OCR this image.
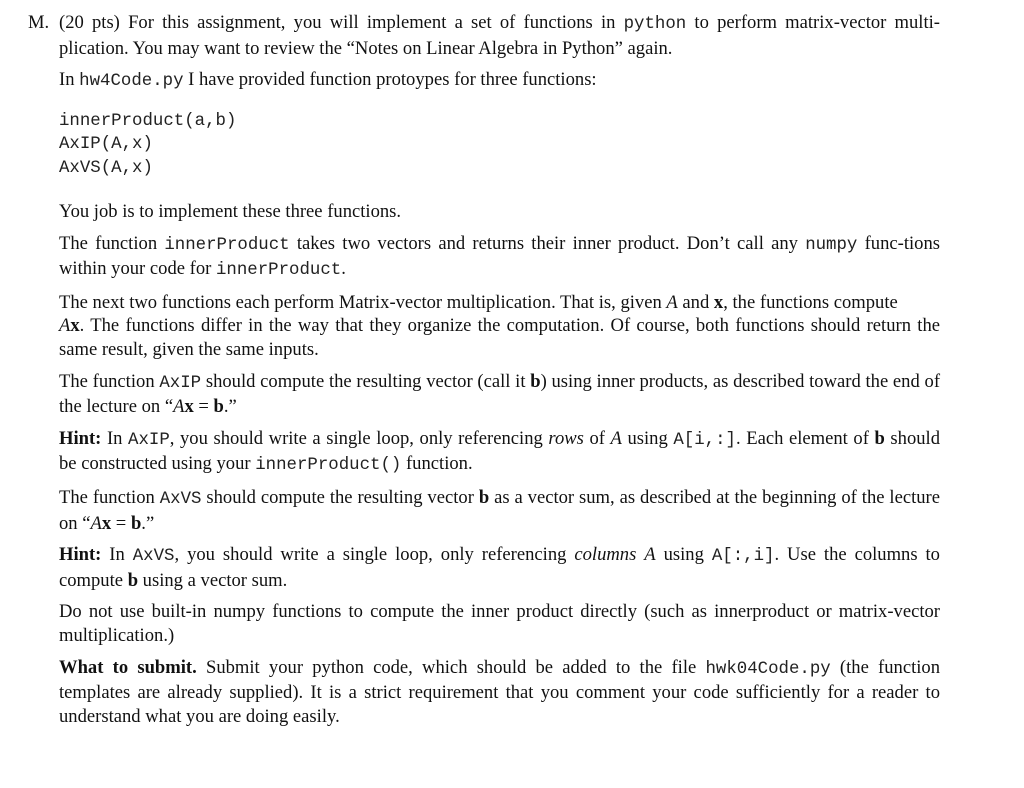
M. (20 pts) For this assignment, you will implement a set of functions in python to perform matrix-vector multi-plication. You may want to review the “Notes on Linear Algebra in Python” again.

In hw4Code.py I have provided function protoypes for three functions:

innerProduct(a,b)
AxIP(A,x)
AxVS(A,x)

You job is to implement these three functions.

The function innerProduct takes two vectors and returns their inner product. Don’t call any numpy func-tions within your code for innerProduct.

The next two functions each perform Matrix-vector multiplication. That is, given A and x, the functions compute
Ax. The functions differ in the way that they organize the computation. Of course, both functions should return the same result, given the same inputs.

The function AxIP should compute the resulting vector (call it b) using inner products, as described toward the end of the lecture on “Ax = b.”

Hint: In AxIP, you should write a single loop, only referencing rows of A using A[i,:]. Each element of b should be constructed using your innerProduct() function.

The function AxVS should compute the resulting vector b as a vector sum, as described at the beginning of the lecture on “Ax = b.”

Hint: In AxVS, you should write a single loop, only referencing columns A using A[:,i]. Use the columns to compute b using a vector sum.

Do not use built-in numpy functions to compute the inner product directly (such as innerproduct or matrix-vector multiplication.)

What to submit. Submit your python code, which should be added to the file hwk04Code.py (the function templates are already supplied). It is a strict requirement that you comment your code sufficiently for a reader to understand what you are doing easily.
